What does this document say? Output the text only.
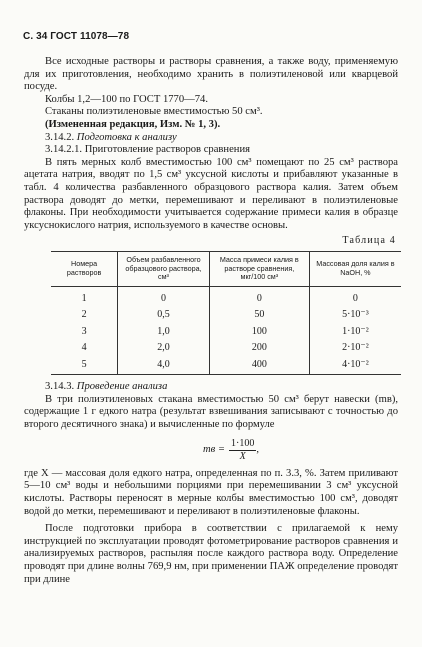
С. 34 ГОСТ 11078—78

Все исходные растворы и растворы сравнения, а также воду, применяемую для их приготовления, необходимо хранить в полиэтиленовой или кварцевой посуде.

Колбы 1,2—100 по ГОСТ 1770—74.

Стаканы полиэтиленовые вместимостью 50 см³.

(Измененная редакция, Изм. № 1, 3).

3.14.2. Подготовка к анализу

3.14.2.1. Приготовление растворов сравнения

В пять мерных колб вместимостью 100 см³ помещают по 25 см³ раствора ацетата натрия, вводят по 1,5 см³ уксусной кислоты и прибавляют указанные в табл. 4 количества разбавленного образцового раствора калия. Затем объем раствора доводят до метки, перемешивают и переливают в полиэтиленовые флаконы. При необходимости учитывается содержание примеси калия в образце уксуснокислого натрия, используемого в качестве основы.

Таблица 4
Номера растворов	Объем разбавленного образцового раствора, см³	Масса примеси калия в растворе сравнения, мкг/100 см³	Массовая доля калия в NaOH, %
1	0	0	0
2	0,5	50	5·10⁻³
3	1,0	100	1·10⁻²
4	2,0	200	2·10⁻²
5	4,0	400	4·10⁻²

3.14.3. Проведение анализа

В три полиэтиленовых стакана вместимостью 50 см³ берут навески (mв), содержащие 1 г едкого натра (результат взвешивания записывают с точностью до второго десятичного знака) и вычисленные по формуле

mв = $\frac{1\cdot 100}{X}$ ,

где X — массовая доля едкого натра, определенная по п. 3.3, %. Затем приливают 5—10 см³ воды и небольшими порциями при перемешивании 3 см³ уксусной кислоты. Растворы переносят в мерные колбы вместимостью 100 см³, доводят водой до метки, перемешивают и переливают в полиэтиленовые флаконы.

После подготовки прибора в соответствии с прилагаемой к нему инструкцией по эксплуатации проводят фотометрирование растворов сравнения и анализируемых растворов, распыляя после каждого раствора воду. Определение проводят при длине волны 769,9 нм, при применении ПАЖ определение проводят при длине
